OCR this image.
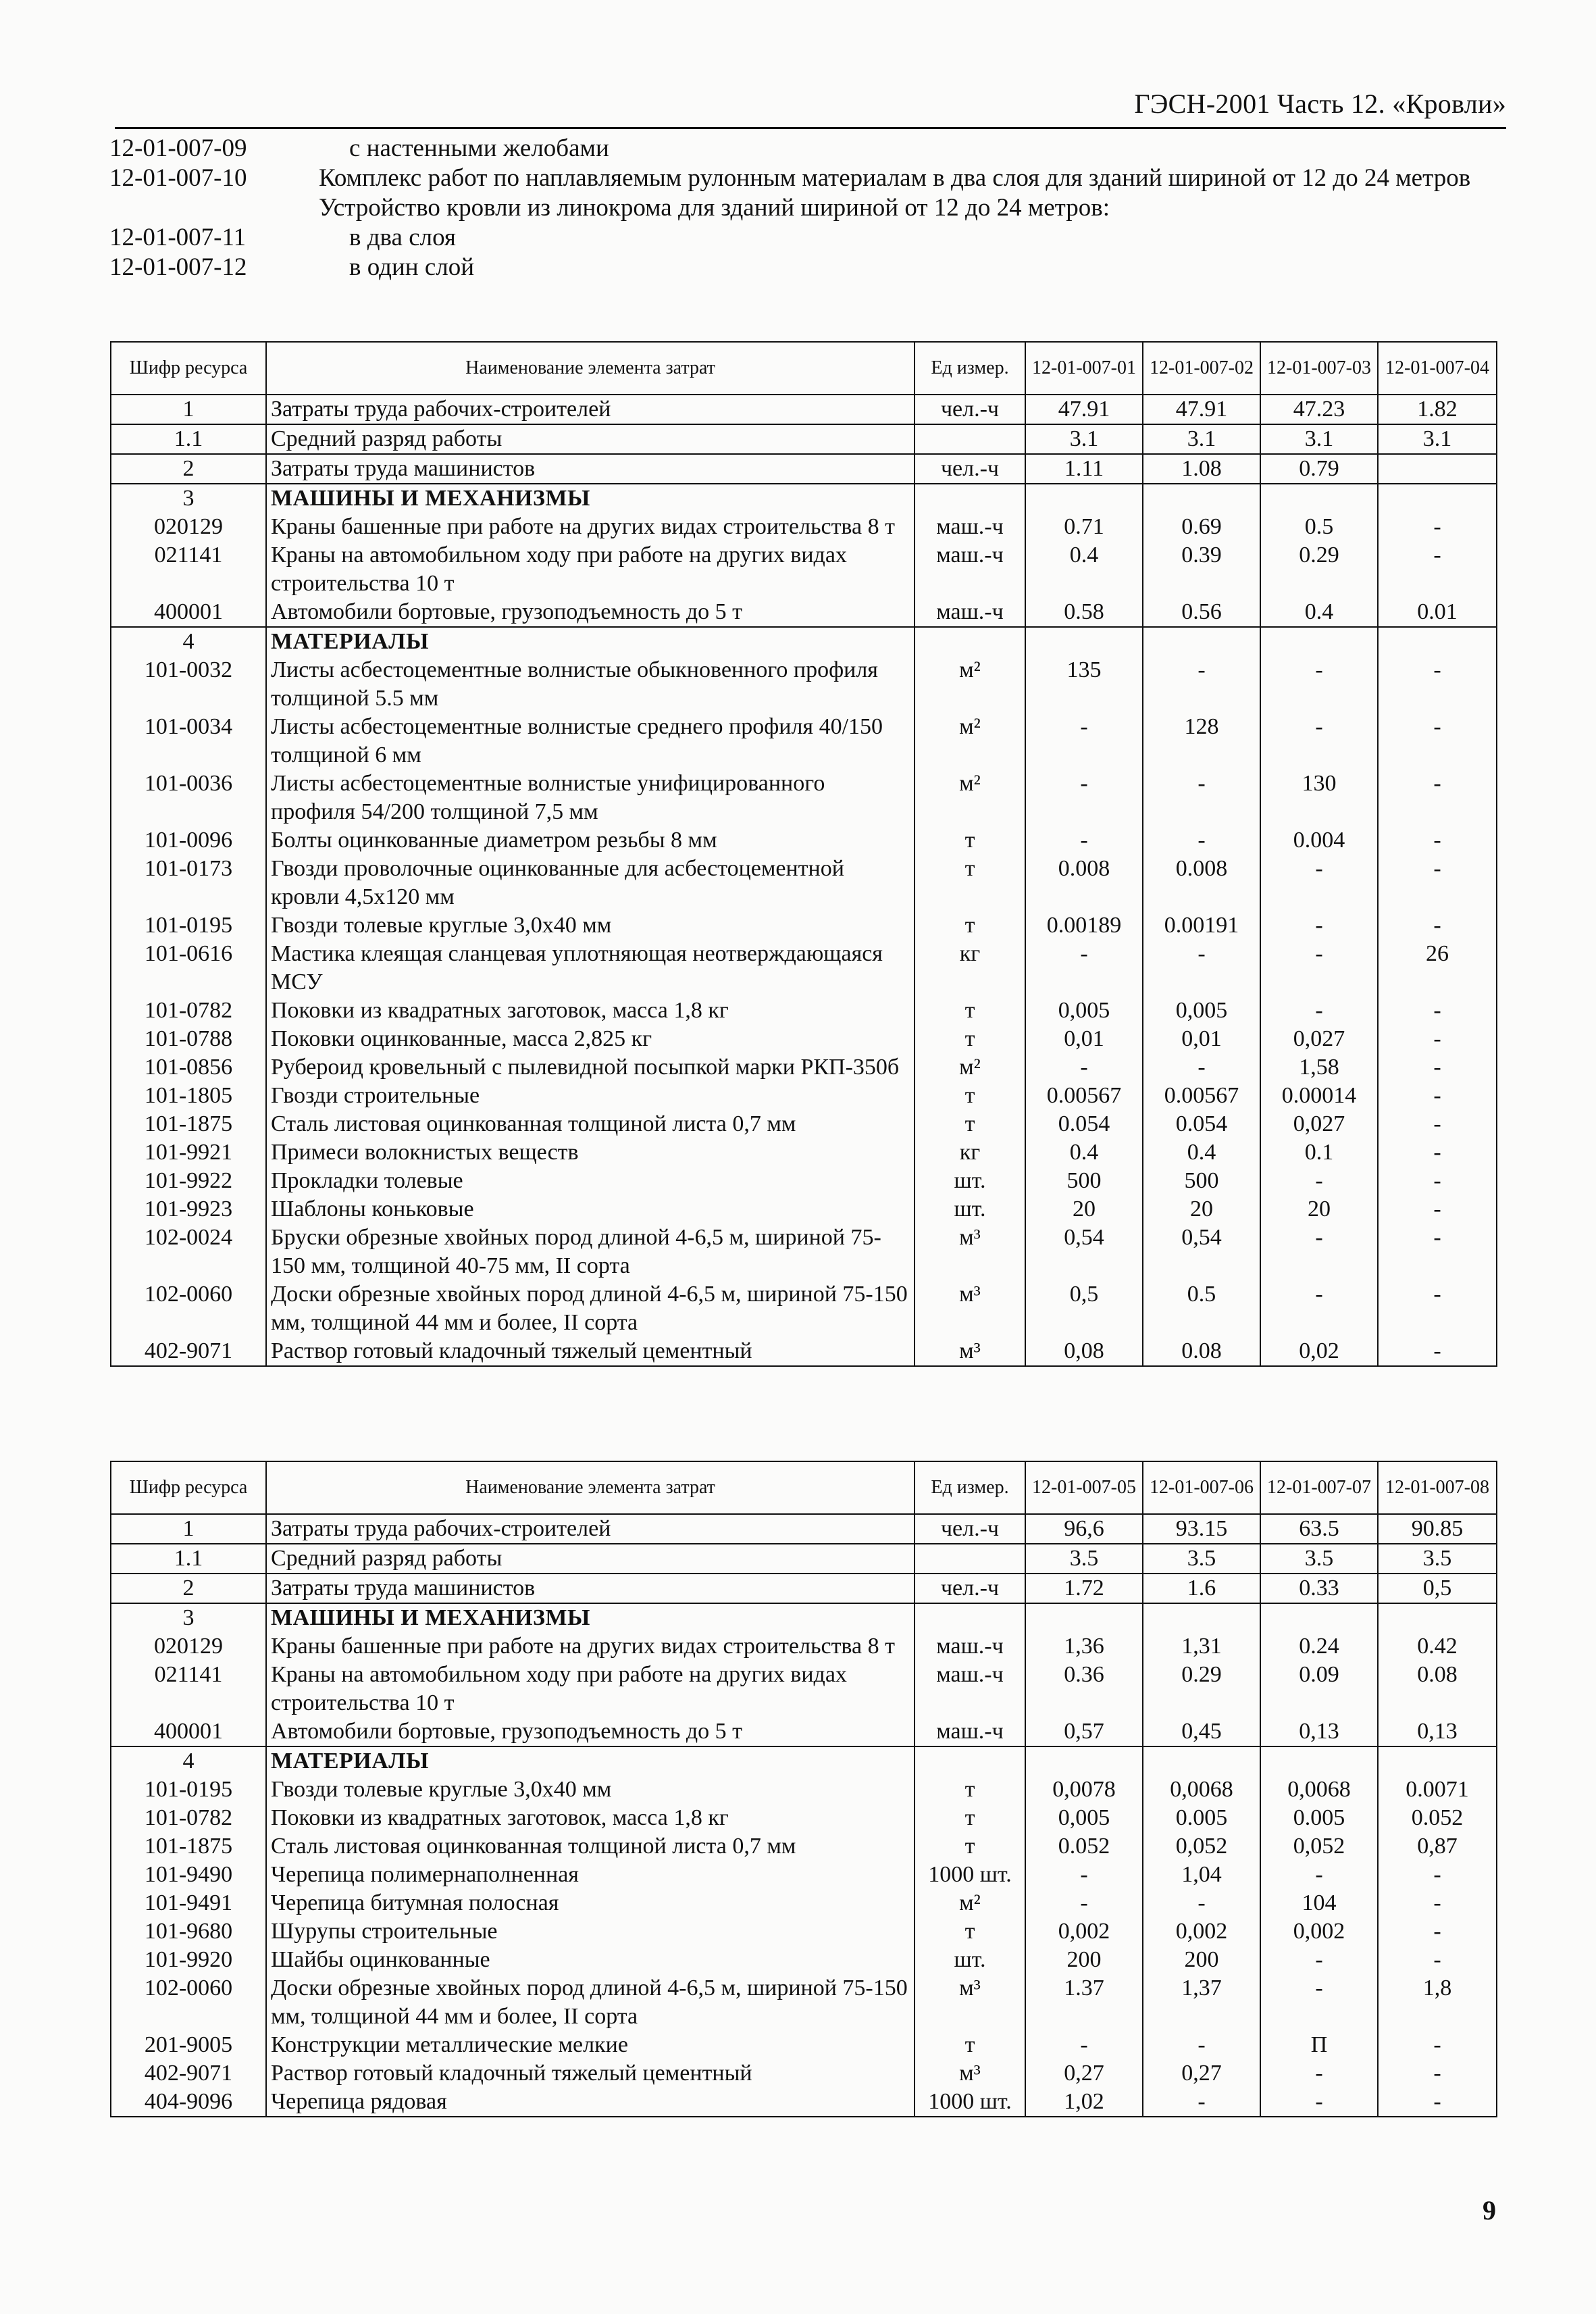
ГЭСН-2001 Часть 12. «Кровли»
12-01-007-09	с настенными желобами
12-01-007-10	Комплекс работ по наплавляемым рулонным материалам в два слоя для зданий шириной от 12 до 24 метров
Устройство кровли из линокрома для зданий шириной от 12 до 24 метров:
12-01-007-11	в два слоя
12-01-007-12	в один слой
Шифр ресурса	Наименование элемента затрат	Ед измер.	12-01-007-01	12-01-007-02	12-01-007-03	12-01-007-04
1	Затраты труда рабочих-строителей	чел.-ч	47.91	47.91	47.23	1.82
1.1	Средний разряд работы		3.1	3.1	3.1	3.1
2	Затраты труда машинистов	чел.-ч	1.11	1.08	0.79	
3	МАШИНЫ И МЕХАНИЗМЫ					
020129	Краны башенные при работе на других видах строительства 8 т	маш.-ч	0.71	0.69	0.5	-
021141	Краны на автомобильном ходу при работе на других видах строительства 10 т	маш.-ч	0.4	0.39	0.29	-
400001	Автомобили бортовые, грузоподъемность до 5 т	маш.-ч	0.58	0.56	0.4	0.01
4	МАТЕРИАЛЫ					
101-0032	Листы асбестоцементные волнистые обыкновенного профиля толщиной 5.5 мм	м²	135	-	-	-
101-0034	Листы асбестоцементные волнистые среднего профиля 40/150 толщиной 6 мм	м²	-	128	-	-
101-0036	Листы асбестоцементные волнистые унифицированного профиля 54/200 толщиной 7,5 мм	м²	-	-	130	-
101-0096	Болты оцинкованные диаметром резьбы 8 мм	т	-	-	0.004	-
101-0173	Гвозди проволочные оцинкованные для асбестоцементной кровли 4,5х120 мм	т	0.008	0.008	-	-
101-0195	Гвозди толевые круглые 3,0х40 мм	т	0.00189	0.00191	-	-
101-0616	Мастика клеящая сланцевая уплотняющая неотверждающаяся МСУ	кг	-	-	-	26
101-0782	Поковки из квадратных заготовок, масса 1,8 кг	т	0,005	0,005	-	-
101-0788	Поковки оцинкованные, масса 2,825 кг	т	0,01	0,01	0,027	-
101-0856	Рубероид кровельный с пылевидной посыпкой марки РКП-350б	м²	-	-	1,58	-
101-1805	Гвозди строительные	т	0.00567	0.00567	0.00014	-
101-1875	Сталь листовая оцинкованная толщиной листа 0,7 мм	т	0.054	0.054	0,027	-
101-9921	Примеси волокнистых веществ	кг	0.4	0.4	0.1	-
101-9922	Прокладки толевые	шт.	500	500	-	-
101-9923	Шаблоны коньковые	шт.	20	20	20	-
102-0024	Бруски обрезные хвойных пород длиной 4-6,5 м, шириной 75-150 мм, толщиной 40-75 мм, II сорта	м³	0,54	0,54	-	-
102-0060	Доски обрезные хвойных пород длиной 4-6,5 м, шириной 75-150 мм, толщиной 44 мм и более, II сорта	м³	0,5	0.5	-	-
402-9071	Раствор готовый кладочный тяжелый цементный	м³	0,08	0.08	0,02	-
Шифр ресурса	Наименование элемента затрат	Ед измер.	12-01-007-05	12-01-007-06	12-01-007-07	12-01-007-08
1	Затраты труда рабочих-строителей	чел.-ч	96,6	93.15	63.5	90.85
1.1	Средний разряд работы		3.5	3.5	3.5	3.5
2	Затраты труда машинистов	чел.-ч	1.72	1.6	0.33	0,5
3	МАШИНЫ И МЕХАНИЗМЫ					
020129	Краны башенные при работе на других видах строительства 8 т	маш.-ч	1,36	1,31	0.24	0.42
021141	Краны на автомобильном ходу при работе на других видах строительства 10 т	маш.-ч	0.36	0.29	0.09	0.08
400001	Автомобили бортовые, грузоподъемность до 5 т	маш.-ч	0,57	0,45	0,13	0,13
4	МАТЕРИАЛЫ					
101-0195	Гвозди толевые круглые 3,0х40 мм	т	0,0078	0,0068	0,0068	0.0071
101-0782	Поковки из квадратных заготовок, масса 1,8 кг	т	0,005	0.005	0.005	0.052
101-1875	Сталь листовая оцинкованная толщиной листа 0,7 мм	т	0.052	0,052	0,052	0,87
101-9490	Черепица полимернаполненная	1000 шт.	-	1,04	-	-
101-9491	Черепица битумная полосная	м²	-	-	104	-
101-9680	Шурупы строительные	т	0,002	0,002	0,002	-
101-9920	Шайбы оцинкованные	шт.	200	200	-	-
102-0060	Доски обрезные хвойных пород длиной 4-6,5 м, шириной 75-150 мм, толщиной 44 мм и более, II сорта	м³	1.37	1,37	-	1,8
201-9005	Конструкции металлические мелкие	т	-	-	П	-
402-9071	Раствор готовый кладочный тяжелый цементный	м³	0,27	0,27	-	-
404-9096	Черепица рядовая	1000 шт.	1,02	-	-	-
9
